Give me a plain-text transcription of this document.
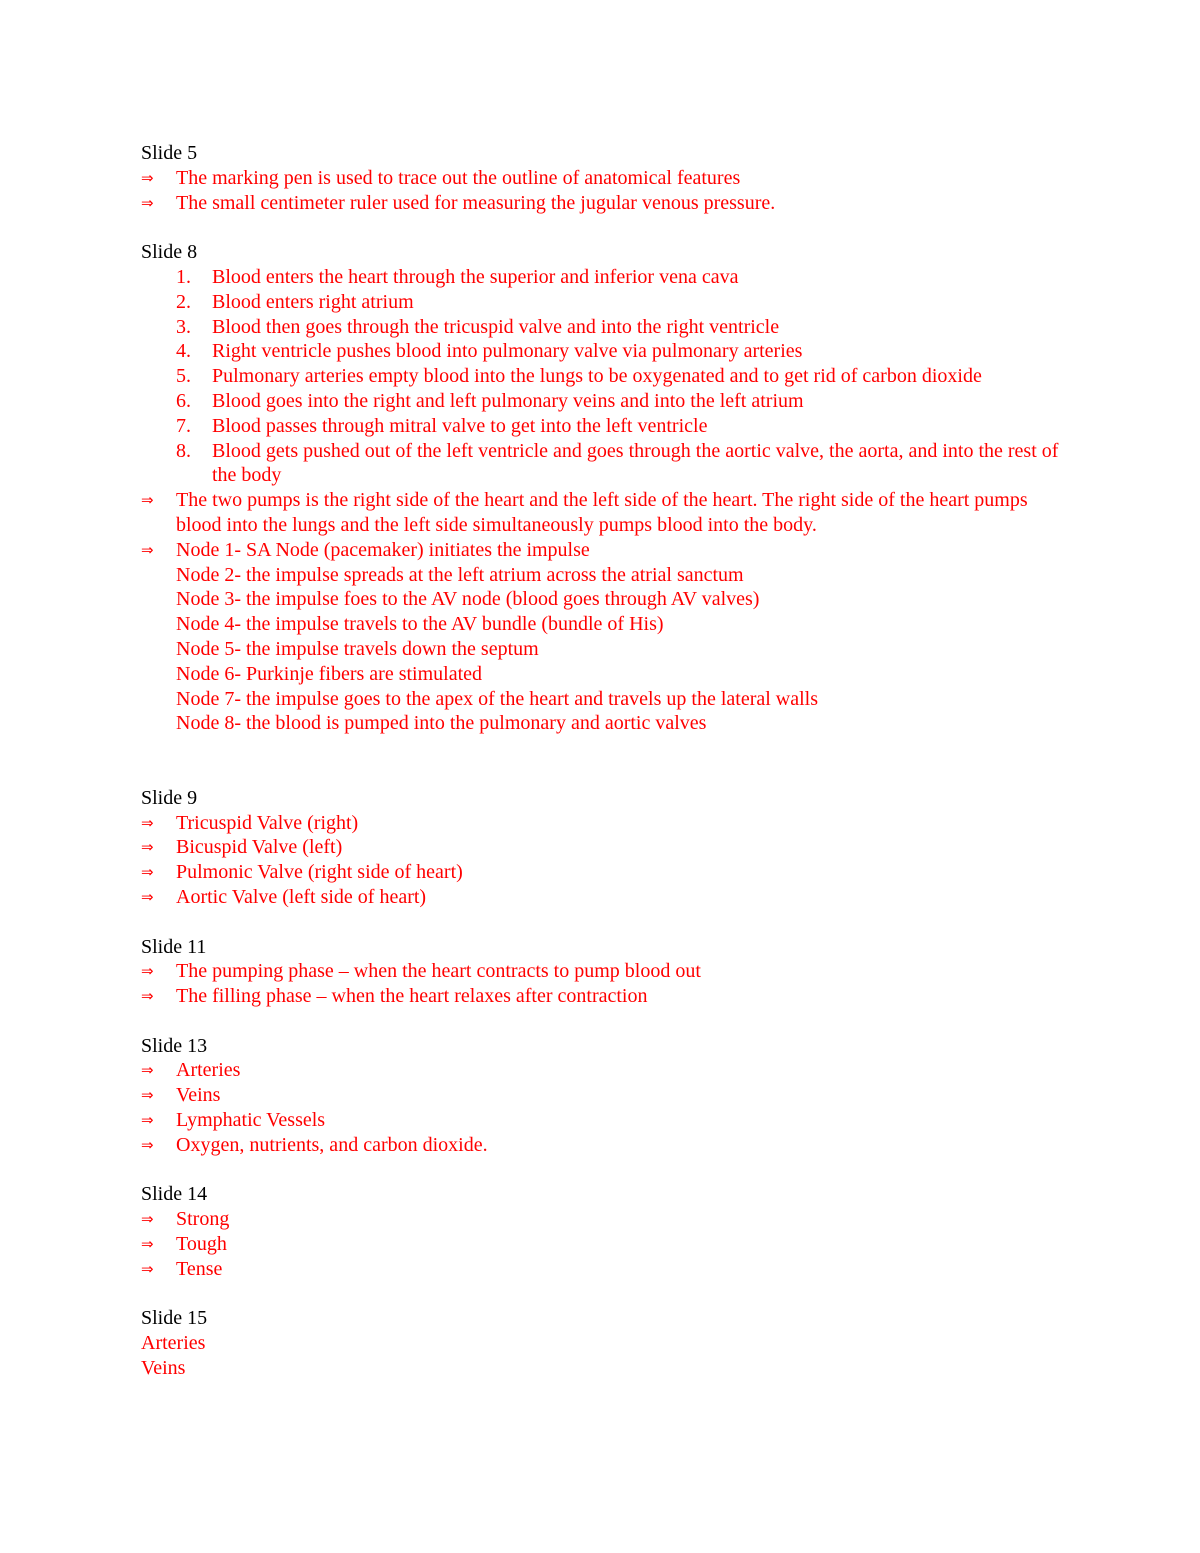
Slide 5
⇒	The marking pen is used to trace out the outline of anatomical features
⇒	The small centimeter ruler used for measuring the jugular venous pressure.
Slide 8
1. Blood enters the heart through the superior and inferior vena cava
2. Blood enters right atrium
3. Blood then goes through the tricuspid valve and into the right ventricle
4. Right ventricle pushes blood into pulmonary valve via pulmonary arteries
5. Pulmonary arteries empty blood into the lungs to be oxygenated and to get rid of carbon dioxide
6. Blood goes into the right and left pulmonary veins and into the left atrium
7. Blood passes through mitral valve to get into the left ventricle
8. Blood gets pushed out of the left ventricle and goes through the aortic valve, the aorta, and into the rest of the body
⇒	The two pumps is the right side of the heart and the left side of the heart. The right side of the heart pumps blood into the lungs and the left side simultaneously pumps blood into the body.
⇒	Node 1- SA Node (pacemaker) initiates the impulse
Node 2- the impulse spreads at the left atrium across the atrial sanctum
Node 3- the impulse foes to the AV node (blood goes through AV valves)
Node 4- the impulse travels to the AV bundle (bundle of His)
Node 5- the impulse travels down the septum
Node 6- Purkinje fibers are stimulated
Node 7- the impulse goes to the apex of the heart and travels up the lateral walls
Node 8- the blood is pumped into the pulmonary and aortic valves
Slide 9
⇒	Tricuspid Valve (right)
⇒	Bicuspid Valve (left)
⇒	Pulmonic Valve (right side of heart)
⇒	Aortic Valve (left side of heart)
Slide 11
⇒	The pumping phase – when the heart contracts to pump blood out
⇒	The filling phase – when the heart relaxes after contraction
Slide 13
⇒	Arteries
⇒	Veins
⇒	Lymphatic Vessels
⇒	Oxygen, nutrients, and carbon dioxide.
Slide 14
⇒	Strong
⇒	Tough
⇒	Tense
Slide 15
Arteries
Veins
